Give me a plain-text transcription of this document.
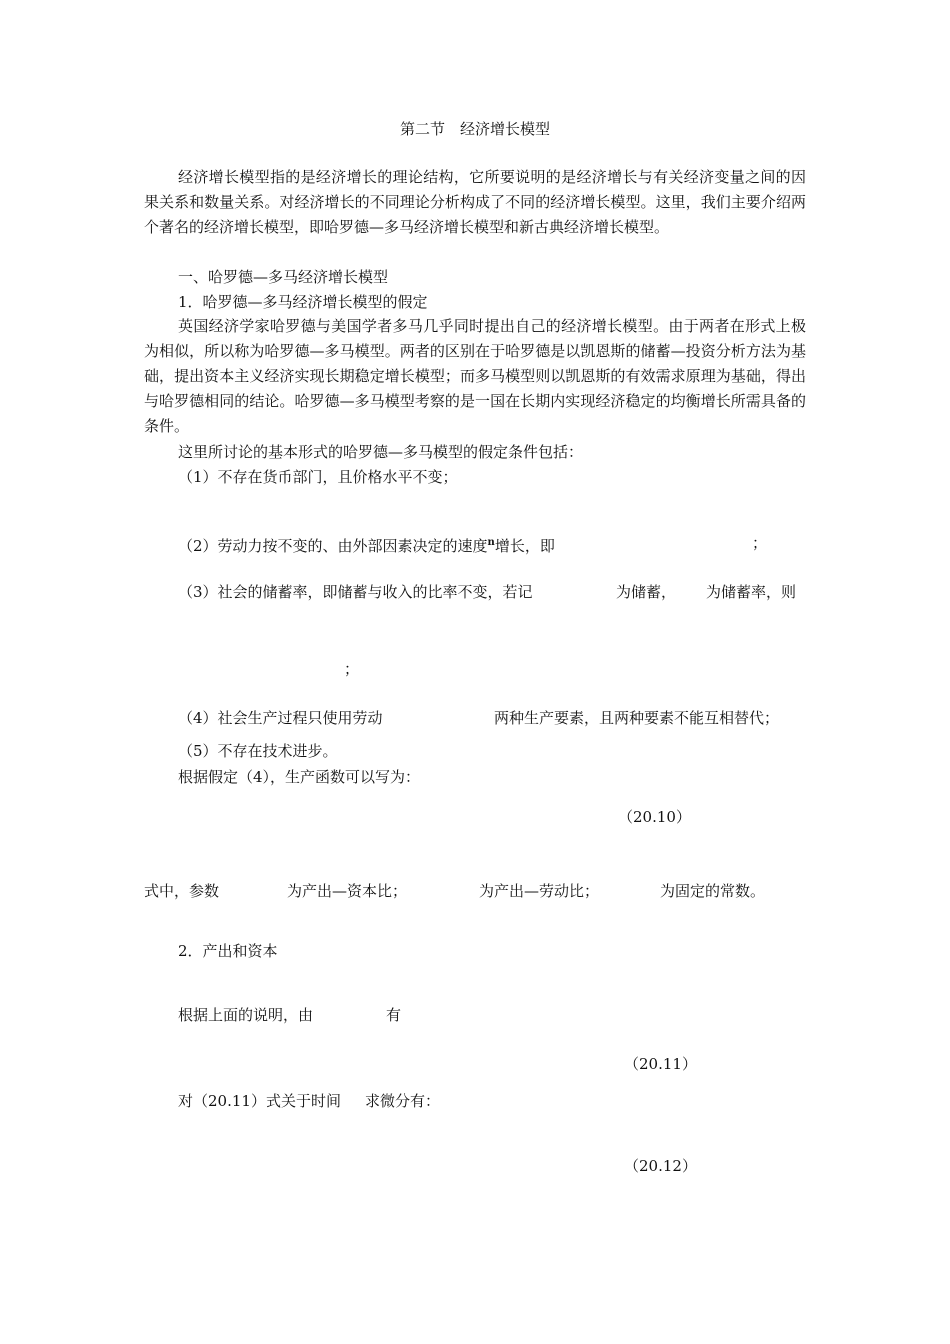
第二节　经济增长模型

经济增长模型指的是经济增长的理论结构，它所要说明的是经济增长与有关经济变量之间的因果关系和数量关系。对经济增长的不同理论分析构成了不同的经济增长模型。这里，我们主要介绍两个著名的经济增长模型，即哈罗德—多马经济增长模型和新古典经济增长模型。

一、哈罗德—多马经济增长模型
1．哈罗德—多马经济增长模型的假定

英国经济学家哈罗德与美国学者多马几乎同时提出自己的经济增长模型。由于两者在形式上极为相似，所以称为哈罗德—多马模型。两者的区别在于哈罗德是以凯恩斯的储蓄—投资分析方法为基础，提出资本主义经济实现长期稳定增长模型；而多马模型则以凯恩斯的有效需求原理为基础，得出与哈罗德相同的结论。哈罗德—多马模型考察的是一国在长期内实现经济稳定的均衡增长所需具备的条件。

这里所讨论的基本形式的哈罗德—多马模型的假定条件包括：
（1）不存在货币部门，且价格水平不变；
（2）劳动力按不变的、由外部因素决定的速度$^n$增长，即	；
（3）社会的储蓄率，即储蓄与收入的比率不变，若记	为储蓄， 为储蓄率，则
；
（4）社会生产过程只使用劳动	两种生产要素，且两种要素不能互相替代；
（5）不存在技术进步。
根据假定（4），生产函数可以写为：
（20.10）
式中，参数	为产出—资本比；	为产出—劳动比；	为固定的常数。
2．产出和资本
根据上面的说明，由	有
（20.11）
对（20.11）式关于时间 求微分有：
（20.12）
